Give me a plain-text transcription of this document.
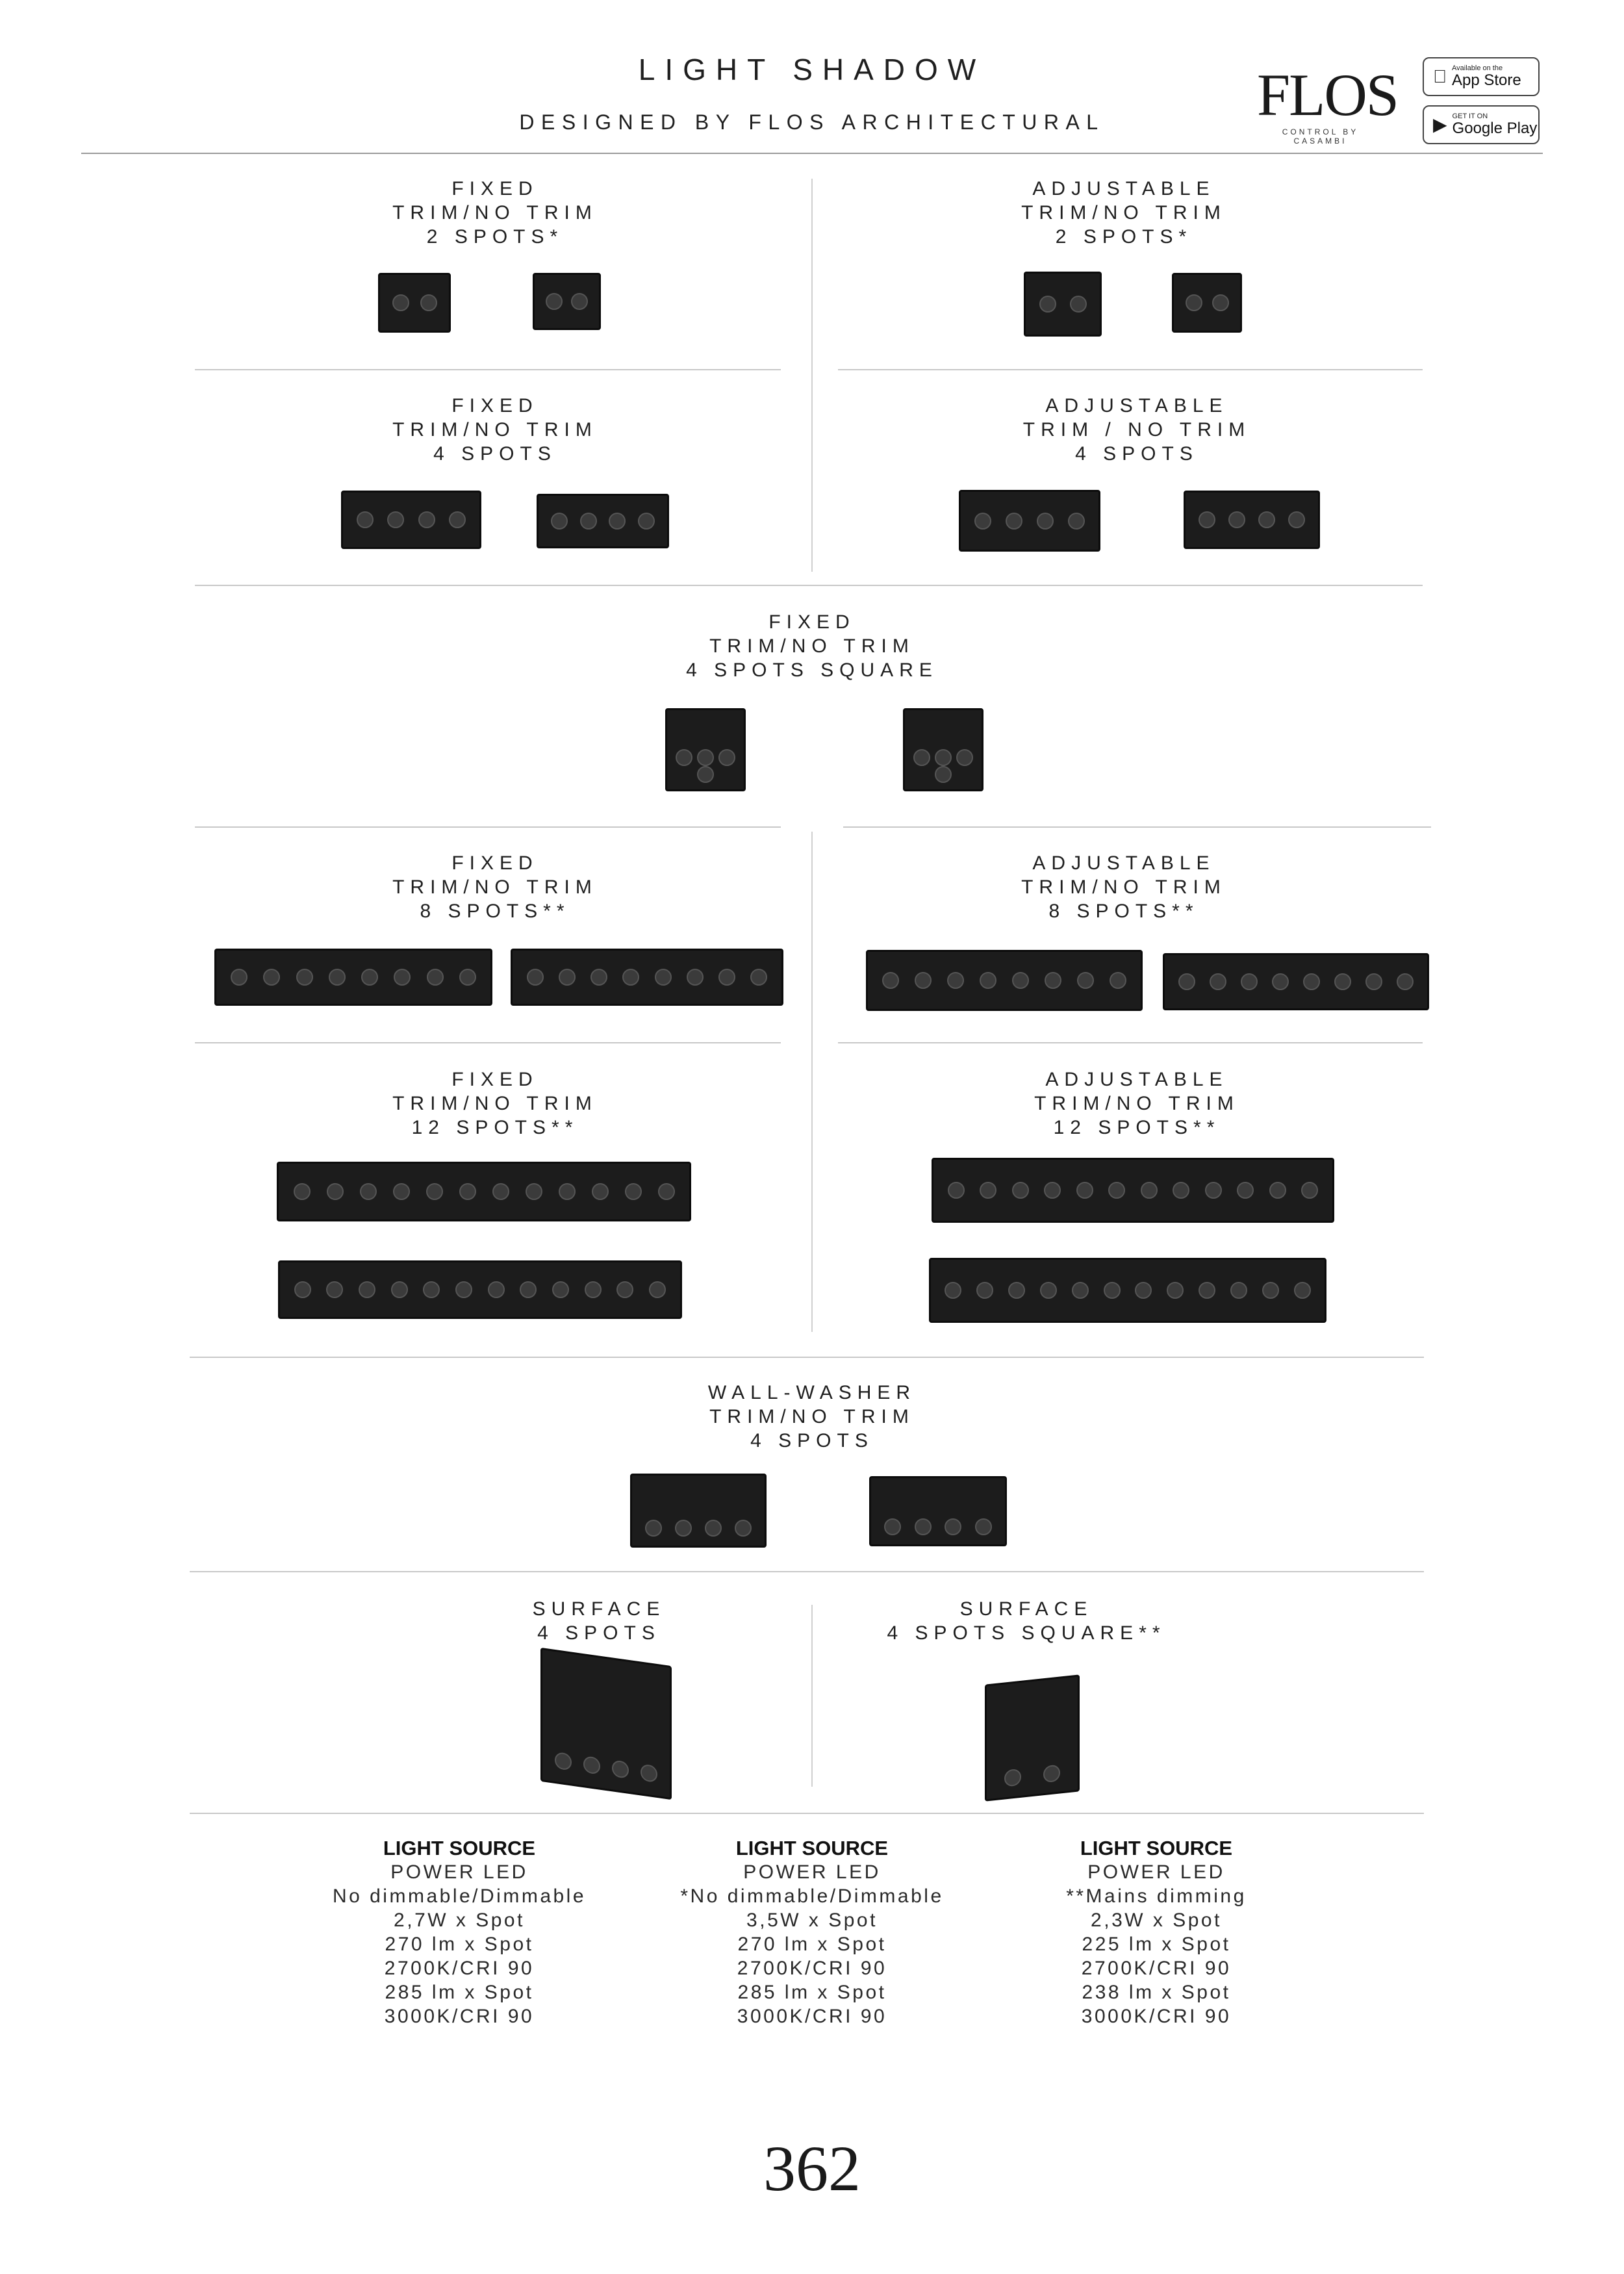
LIGHT SHADOW
DESIGNED BY FLOS ARCHITECTURAL	FLOS
CONTROL BY CASAMBI
Available on the
App Store
▶ GET IT ON
Google Play
FIXED
TRIM/NO TRIM
2 SPOTS*
ADJUSTABLE
TRIM/NO TRIM
2 SPOTS*
FIXED
TRIM/NO TRIM
4 SPOTS
ADJUSTABLE
TRIM / NO TRIM
4 SPOTS
FIXED
TRIM/NO TRIM
4 SPOTS SQUARE
FIXED
TRIM/NO TRIM
8 SPOTS**
ADJUSTABLE
TRIM/NO TRIM
8 SPOTS**
FIXED
TRIM/NO TRIM
12 SPOTS**
ADJUSTABLE
TRIM/NO TRIM
12 SPOTS**
WALL-WASHER
TRIM/NO TRIM
4 SPOTS
SURFACE
4 SPOTS
SURFACE
4 SPOTS SQUARE**
LIGHT SOURCE
POWER LED
No dimmable/Dimmable
2,7W x Spot
270 lm x Spot
2700K/CRI 90
285 lm x Spot
3000K/CRI 90
LIGHT SOURCE
POWER LED
*No dimmable/Dimmable
3,5W x Spot
270 lm x Spot
2700K/CRI 90
285 lm x Spot
3000K/CRI 90
LIGHT SOURCE
POWER LED
**Mains dimming
2,3W x Spot
225 lm x Spot
2700K/CRI 90
238 lm x Spot
3000K/CRI 90
362
